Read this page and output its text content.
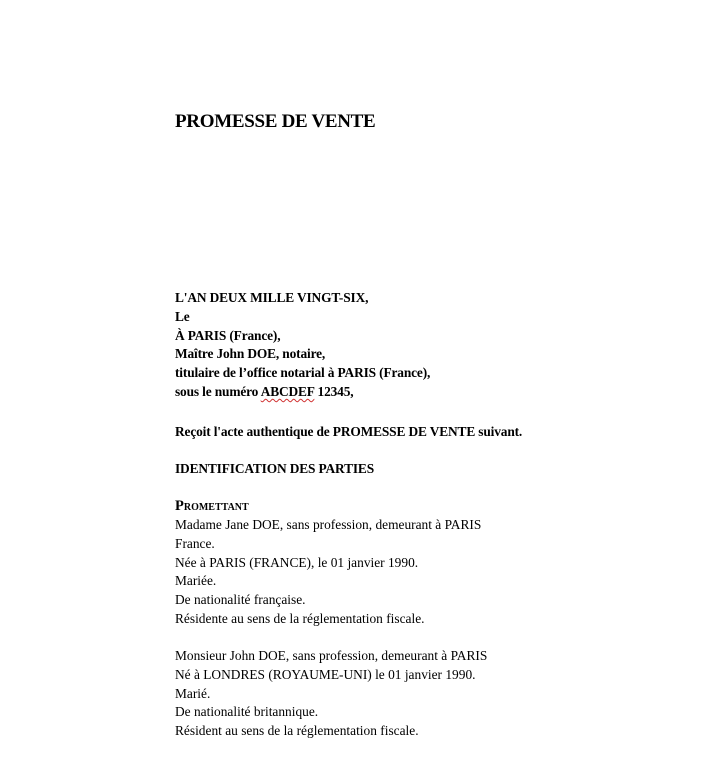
PROMESSE DE VENTE
L'AN DEUX MILLE VINGT-SIX,
Le
À PARIS (France),
Maître John DOE, notaire,
titulaire de l’office notarial à PARIS (France),
sous le numéro ABCDEF 12345,
Reçoit l'acte authentique de PROMESSE DE VENTE suivant.
IDENTIFICATION DES PARTIES
Promettant
Madame Jane DOE, sans profession, demeurant à PARIS
France.
Née à PARIS (FRANCE), le 01 janvier 1990.
Mariée.
De nationalité française.
Résidente au sens de la réglementation fiscale.
Monsieur John DOE, sans profession, demeurant à PARIS
Né à LONDRES (ROYAUME-UNI) le 01 janvier 1990.
Marié.
De nationalité britannique.
Résident au sens de la réglementation fiscale.
